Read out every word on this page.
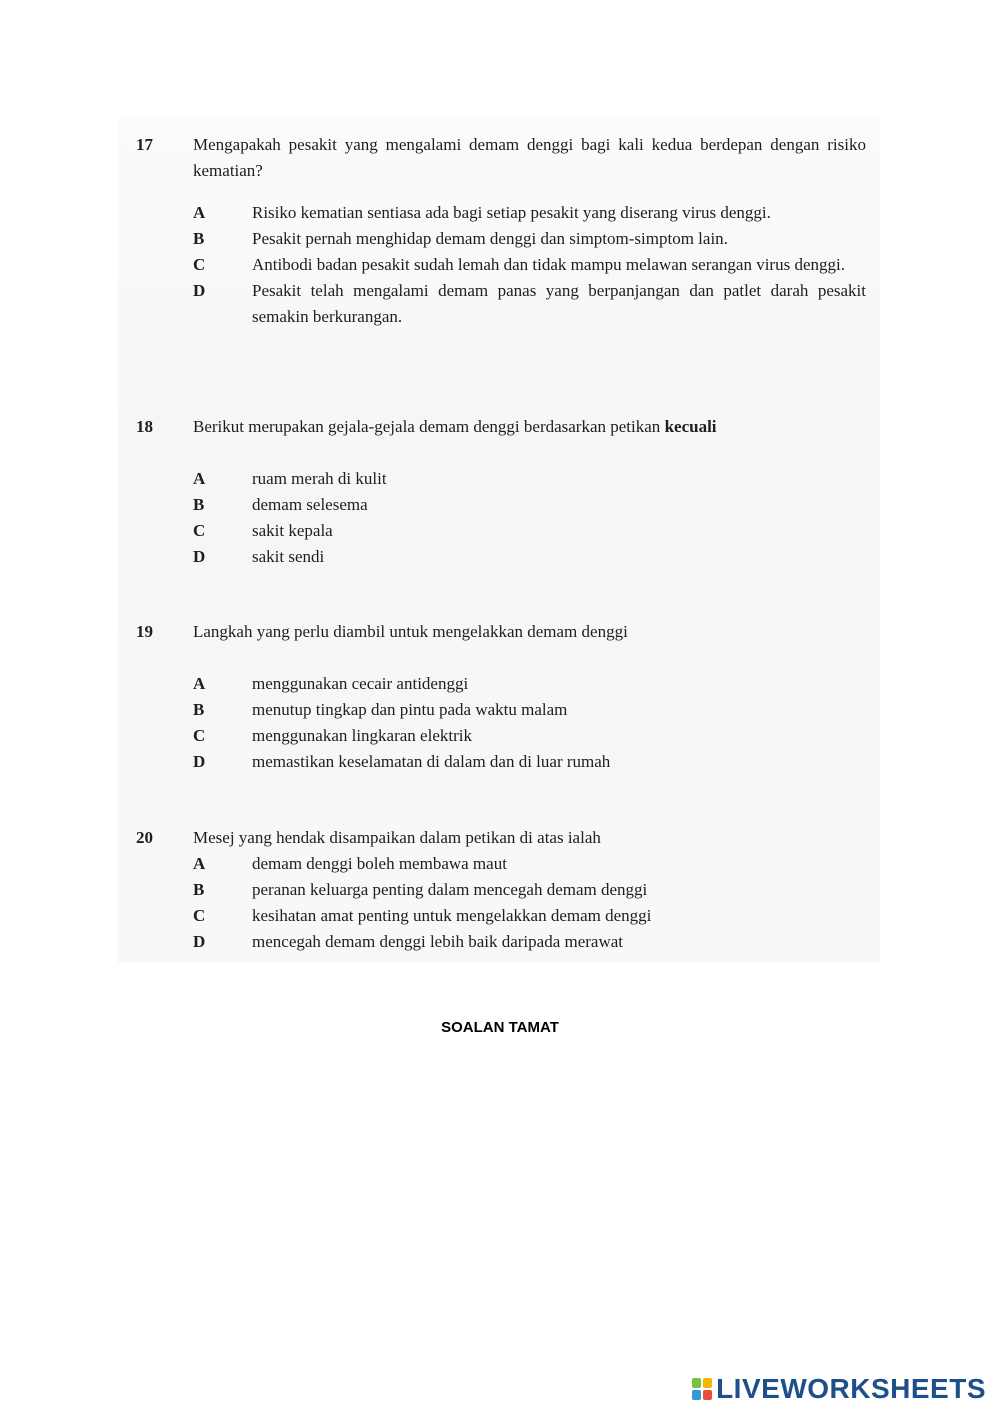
17	Mengapakah pesakit yang mengalami demam denggi bagi kali kedua berdepan dengan risiko kematian?
A	Risiko kematian sentiasa ada bagi setiap pesakit yang diserang virus denggi.
B	Pesakit pernah menghidap demam denggi dan simptom-simptom lain.
C	Antibodi badan pesakit sudah lemah dan tidak mampu melawan serangan virus denggi.
D	Pesakit telah mengalami demam panas yang berpanjangan dan patlet darah pesakit semakin berkurangan.
18	Berikut merupakan gejala-gejala demam denggi berdasarkan petikan kecuali
A	ruam merah di kulit
B	demam selesema
C	sakit kepala
D	sakit sendi
19	Langkah yang perlu diambil untuk mengelakkan demam denggi
A	menggunakan cecair antidenggi
B	menutup tingkap dan pintu pada waktu malam
C	menggunakan lingkaran elektrik
D	memastikan keselamatan di dalam dan di luar rumah
20	Mesej yang hendak disampaikan dalam petikan di atas ialah
A	demam denggi boleh membawa maut
B	peranan keluarga penting dalam mencegah demam denggi
C	kesihatan amat penting untuk mengelakkan demam denggi
D	mencegah demam denggi lebih baik daripada merawat
SOALAN TAMAT
LIVEWORKSHEETS
